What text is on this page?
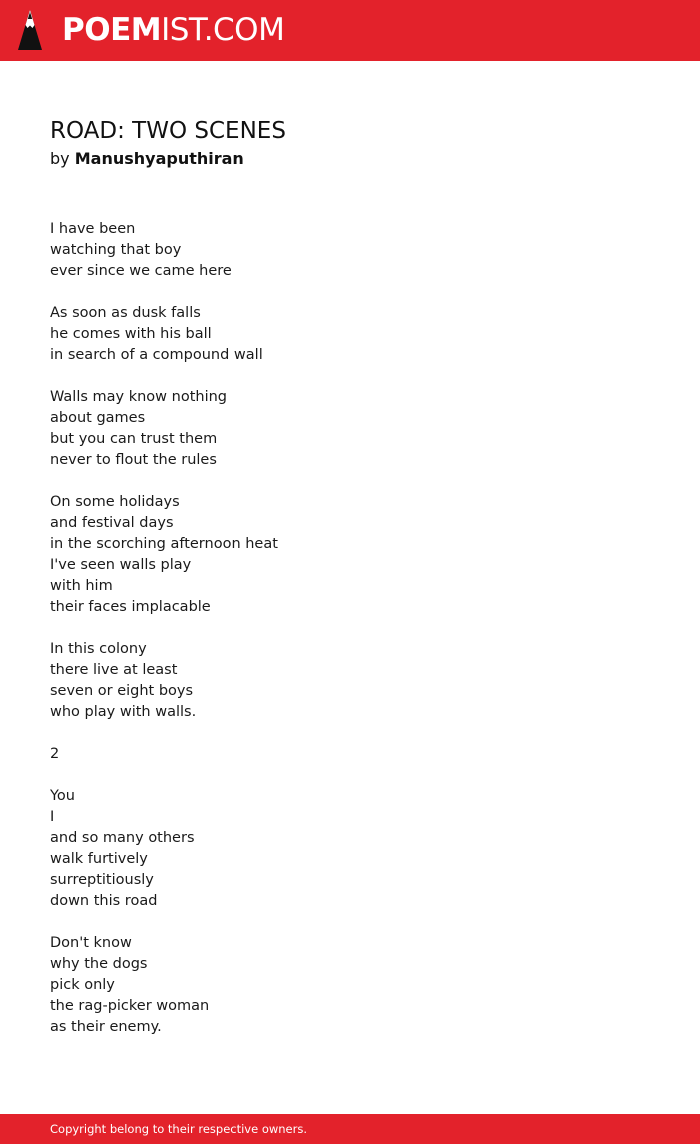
POEMIST.COM
ROAD: TWO SCENES
by Manushyaputhiran
I have been
watching that boy
ever since we came here
As soon as dusk falls
he comes with his ball
in search of a compound wall
Walls may know nothing
about games
but you can trust them
never to flout the rules
On some holidays
and festival days
in the scorching afternoon heat
I've seen walls play
with him
their faces implacable
In this colony
there live at least
seven or eight boys
who play with walls.
2
You
I
and so many others
walk furtively
surreptitiously
down this road
Don't know
why the dogs
pick only
the rag-picker woman
as their enemy.
Copyright belong to their respective owners.
